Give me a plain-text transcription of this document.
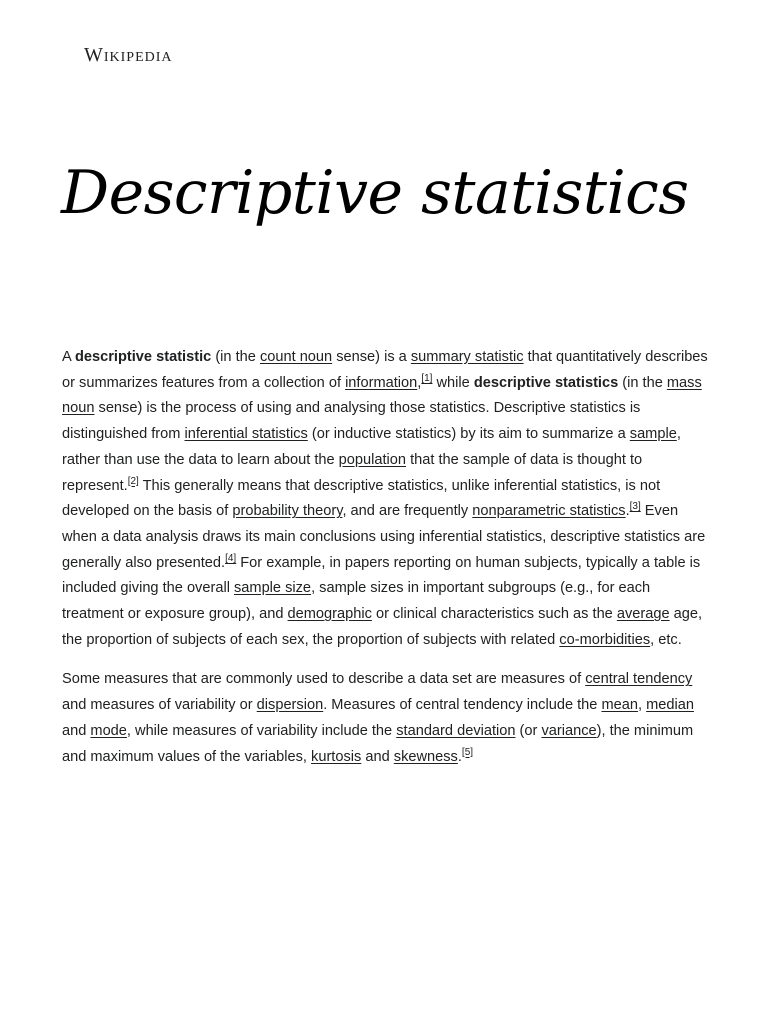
Wikipedia
Descriptive statistics

A descriptive statistic (in the count noun sense) is a summary statistic that quantitatively describes or summarizes features from a collection of information,[1] while descriptive statistics (in the mass noun sense) is the process of using and analysing those statistics. Descriptive statistics is distinguished from inferential statistics (or inductive statistics) by its aim to summarize a sample, rather than use the data to learn about the population that the sample of data is thought to represent.[2] This generally means that descriptive statistics, unlike inferential statistics, is not developed on the basis of probability theory, and are frequently nonparametric statistics.[3] Even when a data analysis draws its main conclusions using inferential statistics, descriptive statistics are generally also presented.[4] For example, in papers reporting on human subjects, typically a table is included giving the overall sample size, sample sizes in important subgroups (e.g., for each treatment or exposure group), and demographic or clinical characteristics such as the average age, the proportion of subjects of each sex, the proportion of subjects with related co-morbidities, etc.

Some measures that are commonly used to describe a data set are measures of central tendency and measures of variability or dispersion. Measures of central tendency include the mean, median and mode, while measures of variability include the standard deviation (or variance), the minimum and maximum values of the variables, kurtosis and skewness.[5]
